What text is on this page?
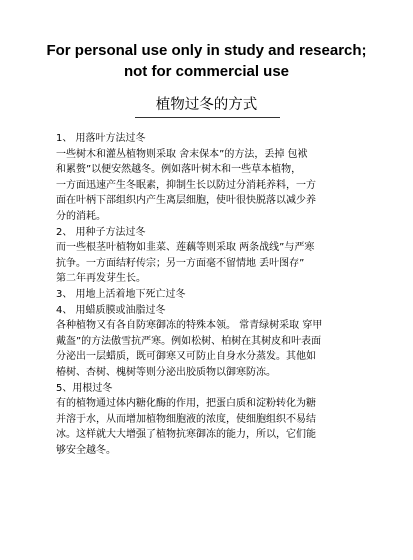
For personal use only in study and research;
not for commercial use
植物过冬的方式

1、 用落叶方法过冬

一些树木和灌丛植物则采取 舍末保本”的方法，丢掉 包袱

和累赘”以便安然越冬。例如落叶树木和一些草本植物，

一方面迅速产生冬眠素，抑制生长以防过分消耗养料，一方

面在叶柄下部组织内产生离层细胞，使叶很快脱落以减少养

分的消耗。

2、 用种子方法过冬

而一些根茎叶植物如韭菜、莲藕等则采取 两条战线”与严寒

抗争。一方面结籽传宗；另一方面毫不留情地 丢叶图存”

第二年再发芽生长。

3、 用地上活着地下死亡过冬

4、 用蜡质膜或油脂过冬

各种植物又有各自防寒御冻的特殊本领。 常青绿树采取 穿甲

戴盔”的方法傲雪抗严寒。例如松树、柏树在其树皮和叶表面

分泌出一层蜡质，既可御寒又可防止自身水分蒸发。其他如

椿树、杏树、槐树等则分泌出胶质物以御寒防冻。

5、用根过冬

有的植物通过体内糖化酶的作用，把蛋白质和淀粉转化为糖

并溶于水，从而增加植物细胞液的浓度，使细胞组织不易结

冰。这样就大大增强了植物抗寒御冻的能力，所以，它们能

够安全越冬。
